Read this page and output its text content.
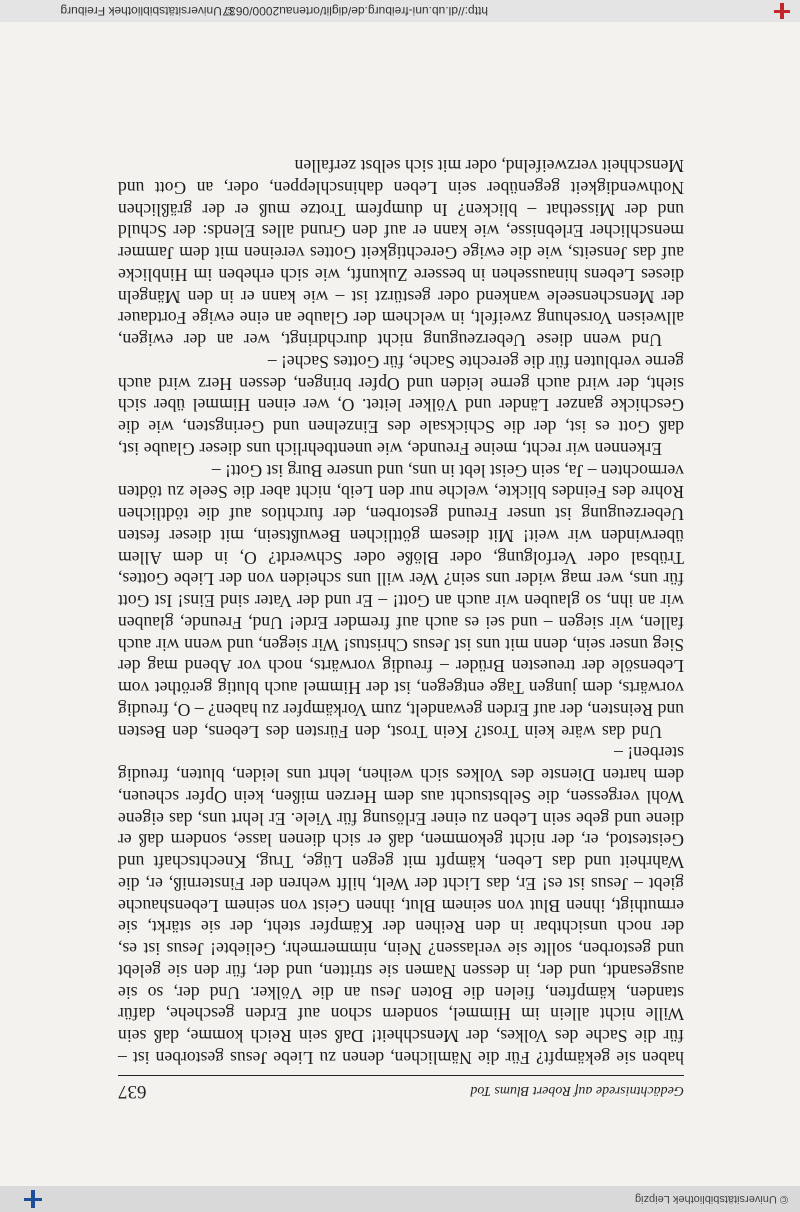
© Universitätsbibliothek Leipzig
Gedächtnisrede auf Robert Blums Tod
637

haben sie gekämpft? Für die Nämlichen, denen zu Liebe Jesus gestorben ist – für die Sache des Volkes, der Menschheit! Daß sein Reich komme, daß sein Wille nicht allein im Himmel, sondern schon auf Erden geschehe, dafür standen, kämpften, fielen die Boten Jesu an die Völker. Und der, so sie ausgesandt, und der, in dessen Namen sie stritten, und der, für den sie gelebt und gestorben, sollte sie verlassen? Nein, nimmermehr, Geliebte! Jesus ist es, der noch unsichtbar in den Reihen der Kämpfer steht, der sie stärkt, sie ermuthigt, ihnen Blut von seinem Blut, ihnen Geist von seinem Lebenshauche giebt – Jesus ist es! Er, das Licht der Welt, hilft wehren der Finsterniß, er, die Wahrheit und das Leben, kämpft mit gegen Lüge, Trug, Knechtschaft und Geistestod, er, der nicht gekommen, daß er sich dienen lasse, sondern daß er diene und gebe sein Leben zu einer Erlösung für Viele. Er lehrt uns, das eigene Wohl vergessen, die Selbstsucht aus dem Herzen mißen, kein Opfer scheuen, dem harten Dienste des Volkes sich weihen, lehrt uns leiden, bluten, freudig sterben! –

Und das wäre kein Trost? Kein Trost, den Fürsten des Lebens, den Besten und Reinsten, der auf Erden gewandelt, zum Vorkämpfer zu haben? – O, freudig vorwärts, dem jungen Tage entgegen, ist der Himmel auch blutig geröthet vom Lebensöle der treuesten Brüder – freudig vorwärts, noch vor Abend mag der Sieg unser sein, denn mit uns ist Jesus Christus! Wir siegen, und wenn wir auch fallen, wir siegen – und sei es auch auf fremder Erde! Und, Freunde, glauben wir an ihn, so glauben wir auch an Gott! – Er und der Vater sind Eins! Ist Gott für uns, wer mag wider uns sein? Wer will uns scheiden von der Liebe Gottes, Trübsal oder Verfolgung, oder Blöße oder Schwerdt? O, in dem Allem überwinden wir weit! Mit diesem göttlichen Bewußtsein, mit dieser festen Ueberzeugung ist unser Freund gestorben, der furchtlos auf die tödtlichen Rohre des Feindes blickte, welche nur den Leib, nicht aber die Seele zu tödten vermochten – Ja, sein Geist lebt in uns, und unsere Burg ist Gott! –

Erkennen wir recht, meine Freunde, wie unentbehrlich uns dieser Glaube ist, daß Gott es ist, der die Schicksale des Einzelnen und Geringsten, wie die Geschicke ganzer Länder und Völker leitet. O, wer einen Himmel über sich sieht, der wird auch gerne leiden und Opfer bringen, dessen Herz wird auch gerne verbluten für die gerechte Sache, für Gottes Sache! –

Und wenn diese Ueberzeugung nicht durchdringt, wer an der ewigen, allweisen Vorsehung zweifelt, in welchem der Glaube an eine ewige Fortdauer der Menschenseele wankend oder gestürzt ist – wie kann er in den Mängeln dieses Lebens hinaussehen in bessere Zukunft, wie sich erheben im Hinblicke auf das Jenseits, wie die ewige Gerechtigkeit Gottes vereinen mit dem Jammer menschlicher Erlebnisse, wie kann er auf den Grund alles Elends: der Schuld und der Missethat – blicken? In dumpfem Trotze muß er der gräßlichen Nothwendigkeit gegenüber sein Leben dahinschleppen, oder, an Gott und Menschheit verzweifelnd, oder mit sich selbst zerfallen

http://dl.ub.uni-freiburg.de/diglit/ortenau2000/0637
© Universitätsbibliothek Freiburg
